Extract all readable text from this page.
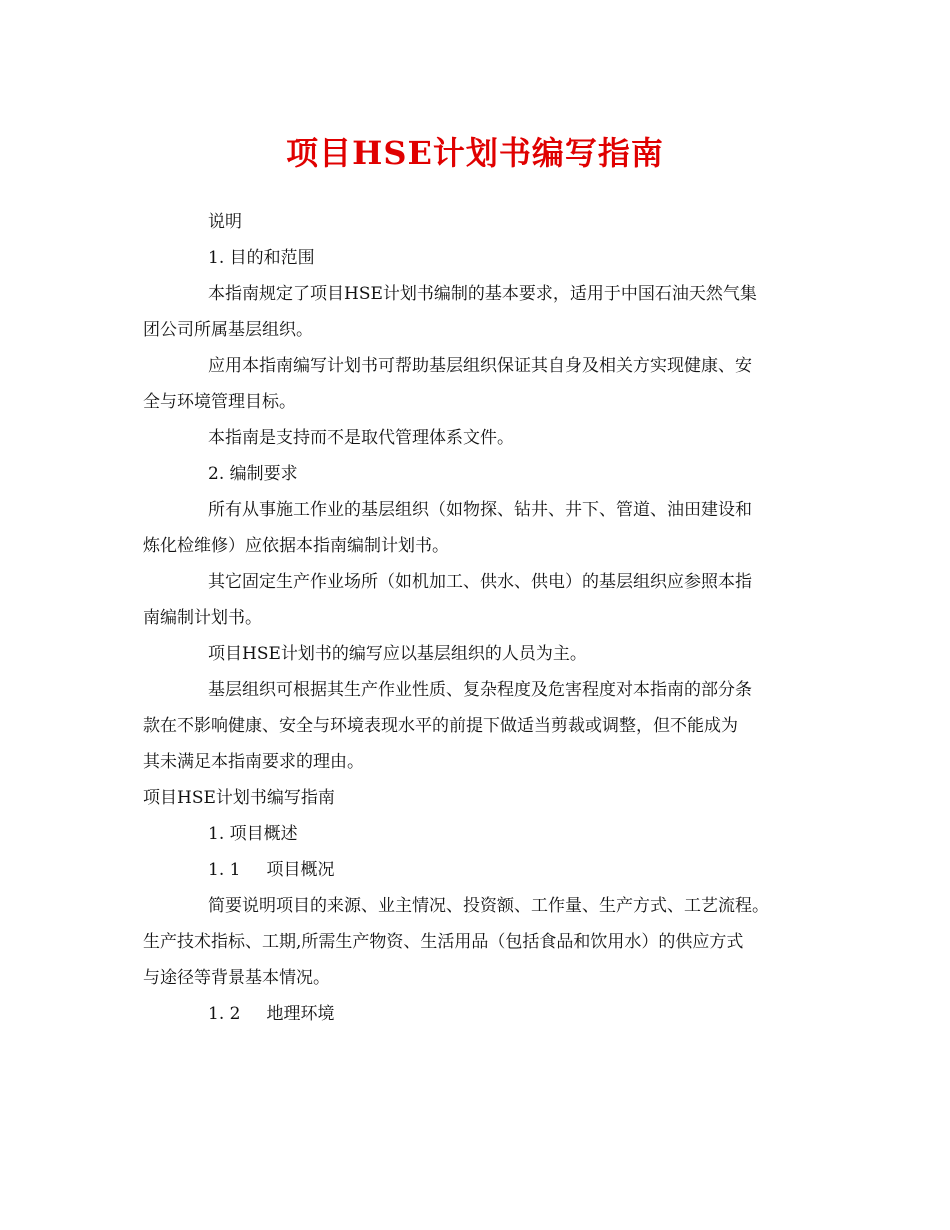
项目HSE计划书编写指南
说明
1. 目的和范围
本指南规定了项目HSE计划书编制的基本要求，适用于中国石油天然气集
团公司所属基层组织。
应用本指南编写计划书可帮助基层组织保证其自身及相关方实现健康、安
全与环境管理目标。
本指南是支持而不是取代管理体系文件。
2. 编制要求
所有从事施工作业的基层组织（如物探、钻井、井下、管道、油田建设和
炼化检维修）应依据本指南编制计划书。
其它固定生产作业场所（如机加工、供水、供电）的基层组织应参照本指
南编制计划书。
项目HSE计划书的编写应以基层组织的人员为主。
基层组织可根据其生产作业性质、复杂程度及危害程度对本指南的部分条
款在不影响健康、安全与环境表现水平的前提下做适当剪裁或调整，但不能成为
其未满足本指南要求的理由。
项目HSE计划书编写指南
1. 项目概述
1. 1 项目概况
简要说明项目的来源、业主情况、投资额、工作量、生产方式、工艺流程。
生产技术指标、工期,所需生产物资、生活用品（包括食品和饮用水）的供应方式
与途径等背景基本情况。
1. 2 地理环境
